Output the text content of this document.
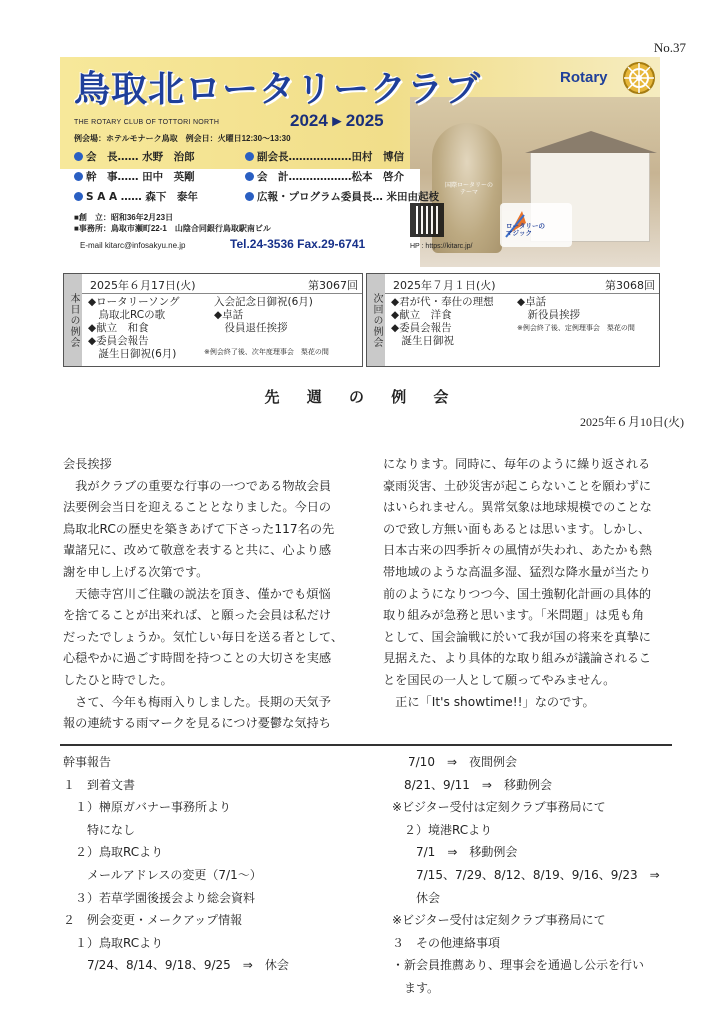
No.37
鳥取北ロータリークラブ	Rotary
THE ROTARY CLUB OF TOTTORI NORTH	2024 ▸ 2025
例会場：ホテルモナーク鳥取　例会日：火曜日12:30～13:30
会　長…… 水野　治郎	副会長………………田村　博信
幹　事…… 田中　英剛	会　計………………松本　啓介
S A A …… 森下　泰年	広報・プログラム委員長… 米田由起枝
■創　立：昭和36年2月23日
■事務所：鳥取市瀬町22-1　山陰合同銀行鳥取駅南ビル
E-mail kitarc@infosakyu.ne.jp	Tel.24-3536 Fax.29-6741	HP : https://kitarc.jp/
国際ロータリーの
テーマ
ロータリーの
マジック
本日の例会
2025年６月17日(火)	第3067回
◆ロータリーソング
　鳥取北RCの歌
◆献立　和食
◆委員会報告
　誕生日御祝(6月)
入会記念日御祝(6月)
◆卓話
　役員退任挨拶
※例会終了後、次年度理事会　梨花の間
次回の例会
2025年７月１日(火)	第3068回
◆君が代・奉仕の理想
◆献立　洋食
◆委員会報告
　誕生日御祝
◆卓話
　新役員挨拶
※例会終了後、定例理事会　梨花の間
先 週 の 例 会
2025年６月10日(火)
会長挨拶
　我がクラブの重要な行事の一つである物故会員
法要例会当日を迎えることとなりました。今日の
鳥取北RCの歴史を築きあげて下さった117名の先
輩諸兄に、改めて敬意を表すると共に、心より感
謝を申し上げる次第です。
　天徳寺宮川ご住職の説法を頂き、僅かでも煩悩
を捨てることが出来れば、と願った会員は私だけ
だったでしょうか。気忙しい毎日を送る者として、
心穏やかに過ごす時間を持つことの大切さを実感
したひと時でした。
　さて、今年も梅雨入りしました。長期の天気予
報の連続する雨マークを見るにつけ憂鬱な気持ち
になります。同時に、毎年のように繰り返される
豪雨災害、土砂災害が起こらないことを願わずに
はいられません。異常気象は地球規模でのことな
ので致し方無い面もあるとは思います。しかし、
日本古来の四季折々の風情が失われ、あたかも熱
帯地域のような高温多湿、猛烈な降水量が当たり
前のようになりつつ今、国土強靭化計画の具体的
取り組みが急務と思います。「米問題」は兎も角
として、国会論戦に於いて我が国の将来を真摯に
見据えた、より具体的な取り組みが議論されるこ
とを国民の一人として願ってやみません。
　正に「It's showtime!!」なのです。
幹事報告
１　到着文書
　１）榊原ガバナー事務所より
　　特になし
　２）鳥取RCより
　　メールアドレスの変更（7/1～）
　３）若草学園後援会より総会資料
２　例会変更・メークアップ情報
　１）鳥取RCより
　　7/24、8/14、9/18、9/25　⇒　休会
7/10　⇒　夜間例会
　8/21、9/11　⇒　移動例会
※ビジター受付は定刻クラブ事務局にて
　２）境港RCより
　　7/1　⇒　移動例会
　　7/15、7/29、8/12、8/19、9/16、9/23　⇒
　　休会
※ビジター受付は定刻クラブ事務局にて
３　その他連絡事項
・新会員推薦あり、理事会を通過し公示を行い
　ます。
